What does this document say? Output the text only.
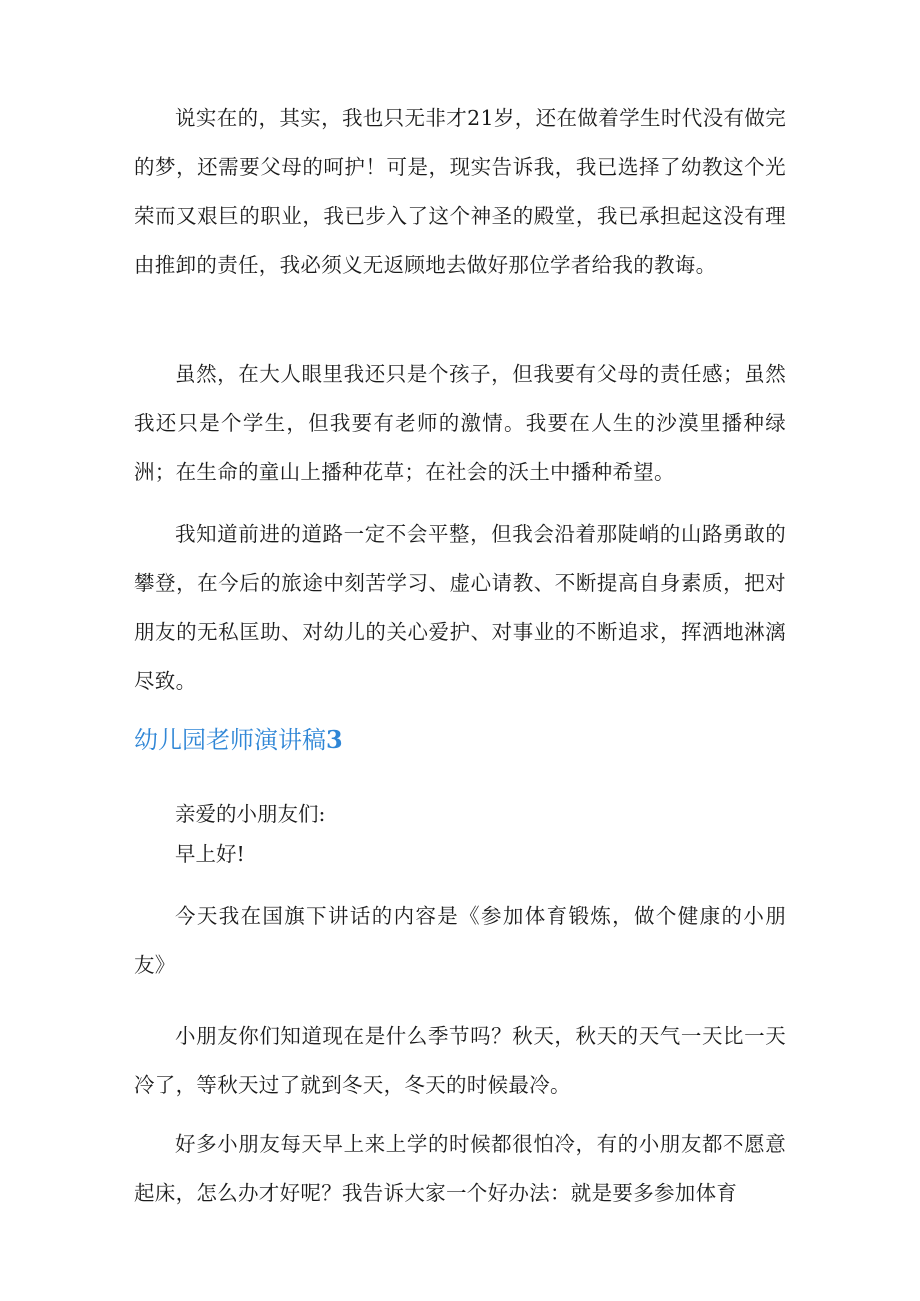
说实在的，其实，我也只无非才21岁，还在做着学生时代没有做完的梦，还需要父母的呵护！可是，现实告诉我，我已选择了幼教这个光荣而又艰巨的职业，我已步入了这个神圣的殿堂，我已承担起这没有理由推卸的责任，我必须义无返顾地去做好那位学者给我的教诲。

虽然，在大人眼里我还只是个孩子，但我要有父母的责任感；虽然我还只是个学生，但我要有老师的激情。我要在人生的沙漠里播种绿洲；在生命的童山上播种花草；在社会的沃土中播种希望。

我知道前进的道路一定不会平整，但我会沿着那陡峭的山路勇敢的攀登，在今后的旅途中刻苦学习、虚心请教、不断提高自身素质，把对朋友的无私匡助、对幼儿的关心爱护、对事业的不断追求，挥洒地淋漓尽致。

幼儿园老师演讲稿3

亲爱的小朋友们:

早上好!

今天我在国旗下讲话的内容是《参加体育锻炼，做个健康的小朋友》

小朋友你们知道现在是什么季节吗？秋天，秋天的天气一天比一天冷了，等秋天过了就到冬天，冬天的时候最冷。

好多小朋友每天早上来上学的时候都很怕冷，有的小朋友都不愿意起床，怎么办才好呢？我告诉大家一个好办法：就是要多参加体育
